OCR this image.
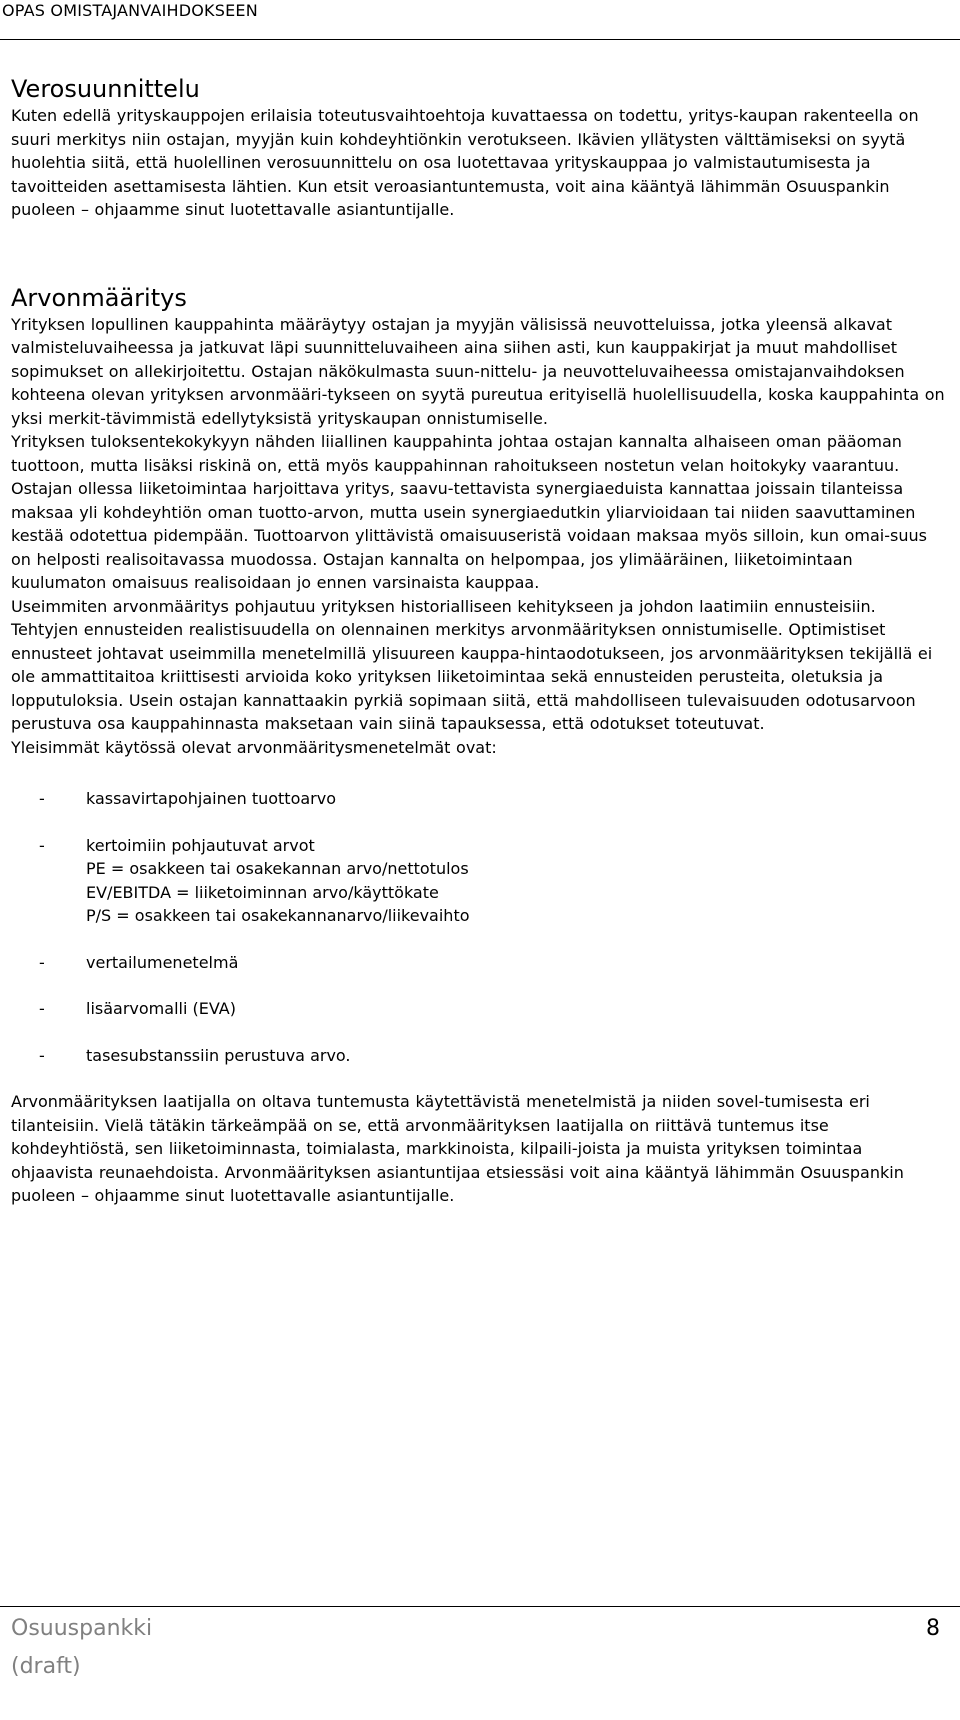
OPAS OMISTAJANVAIHDOKSEEN
Verosuunnittelu

Kuten edellä yrityskauppojen erilaisia toteutusvaihtoehtoja kuvattaessa on todettu, yritys-kaupan rakenteella on suuri merkitys niin ostajan, myyjän kuin kohdeyhtiönkin verotukseen. Ikävien yllätysten välttämiseksi on syytä huolehtia siitä, että huolellinen verosuunnittelu on osa luotettavaa yrityskauppaa jo valmistautumisesta ja tavoitteiden asettamisesta lähtien. Kun etsit veroasiantuntemusta, voit aina kääntyä lähimmän Osuuspankin puoleen – ohjaamme sinut luotettavalle asiantuntijalle.

Arvonmääritys

Yrityksen lopullinen kauppahinta määräytyy ostajan ja myyjän välisissä neuvotteluissa, jotka yleensä alkavat valmisteluvaiheessa ja jatkuvat läpi suunnitteluvaiheen aina siihen asti, kun kauppakirjat ja muut mahdolliset sopimukset on allekirjoitettu. Ostajan näkökulmasta suun-nittelu- ja neuvotteluvaiheessa omistajanvaihdoksen kohteena olevan yrityksen arvonmääri-tykseen on syytä pureutua erityisellä huolellisuudella, koska kauppahinta on yksi merkit-tävimmistä edellytyksistä yrityskaupan onnistumiselle.

Yrityksen tuloksentekokykyyn nähden liiallinen kauppahinta johtaa ostajan kannalta alhaiseen oman pääoman tuottoon, mutta lisäksi riskinä on, että myös kauppahinnan rahoitukseen nostetun velan hoitokyky vaarantuu. Ostajan ollessa liiketoimintaa harjoittava yritys, saavu-tettavista synergiaeduista kannattaa joissain tilanteissa maksaa yli kohdeyhtiön oman tuotto-arvon, mutta usein synergiaedutkin yliarvioidaan tai niiden saavuttaminen kestää odotettua pidempään. Tuottoarvon ylittävistä omaisuuseristä voidaan maksaa myös silloin, kun omai-suus on helposti realisoitavassa muodossa. Ostajan kannalta on helpompaa, jos ylimääräinen, liiketoimintaan kuulumaton omaisuus realisoidaan jo ennen varsinaista kauppaa.

Useimmiten arvonmääritys pohjautuu yrityksen historialliseen kehitykseen ja johdon laatimiin ennusteisiin. Tehtyjen ennusteiden realistisuudella on olennainen merkitys arvonmäärityksen onnistumiselle. Optimistiset ennusteet johtavat useimmilla menetelmillä ylisuureen kauppa-hintaodotukseen, jos arvonmäärityksen tekijällä ei ole ammattitaitoa kriittisesti arvioida koko yrityksen liiketoimintaa sekä ennusteiden perusteita, oletuksia ja lopputuloksia. Usein ostajan kannattaakin pyrkiä sopimaan siitä, että mahdolliseen tulevaisuuden odotusarvoon perustuva osa kauppahinnasta maksetaan vain siinä tapauksessa, että odotukset toteutuvat.

Yleisimmät käytössä olevat arvonmääritysmenetelmät ovat:

-	kassavirtapohjainen tuottoarvo
-	kertoimiin pohjautuvat arvot
PE = osakkeen tai osakekannan arvo/nettotulos
EV/EBITDA = liiketoiminnan arvo/käyttökate
P/S = osakkeen tai osakekannanarvo/liikevaihto
-	vertailumenetelmä
-	lisäarvomalli (EVA)
-	tasesubstanssiin perustuva arvo.

Arvonmäärityksen laatijalla on oltava tuntemusta käytettävistä menetelmistä ja niiden sovel-tumisesta eri tilanteisiin. Vielä tätäkin tärkeämpää on se, että arvonmäärityksen laatijalla on riittävä tuntemus itse kohdeyhtiöstä, sen liiketoiminnasta, toimialasta, markkinoista, kilpaili-joista ja muista yrityksen toimintaa ohjaavista reunaehdoista. Arvonmäärityksen asiantuntijaa etsiessäsi voit aina kääntyä lähimmän Osuuspankin puoleen – ohjaamme sinut luotettavalle asiantuntijalle.

Osuuspankki	8
(draft)
